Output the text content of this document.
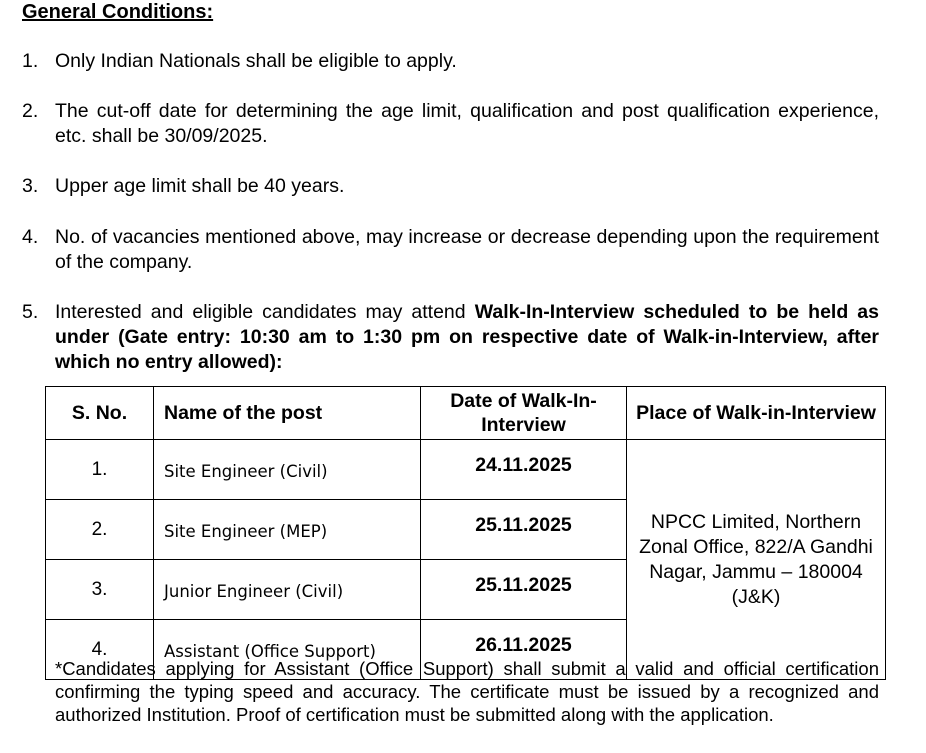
General Conditions:
1. Only Indian Nationals shall be eligible to apply.
2. The cut-off date for determining the age limit, qualification and post qualification experience, etc. shall be 30/09/2025.
3. Upper age limit shall be 40 years.
4. No. of vacancies mentioned above, may increase or decrease depending upon the requirement of the company.
5. Interested and eligible candidates may attend Walk-In-Interview scheduled to be held as under (Gate entry: 10:30 am to 1:30 pm on respective date of Walk-in-Interview, after which no entry allowed):
S. No.	Name of the post	Date of Walk-In-Interview	Place of Walk-in-Interview
1.	Site Engineer (Civil)	24.11.2025	NPCC Limited, Northern Zonal Office, 822/A Gandhi Nagar, Jammu – 180004 (J&K)
2.	Site Engineer (MEP)	25.11.2025	
3.	Junior Engineer (Civil)	25.11.2025	
4.	Assistant (Office Support)	26.11.2025	
*Candidates applying for Assistant (Office Support) shall submit a valid and official certification confirming the typing speed and accuracy. The certificate must be issued by a recognized and authorized Institution. Proof of certification must be submitted along with the application.
